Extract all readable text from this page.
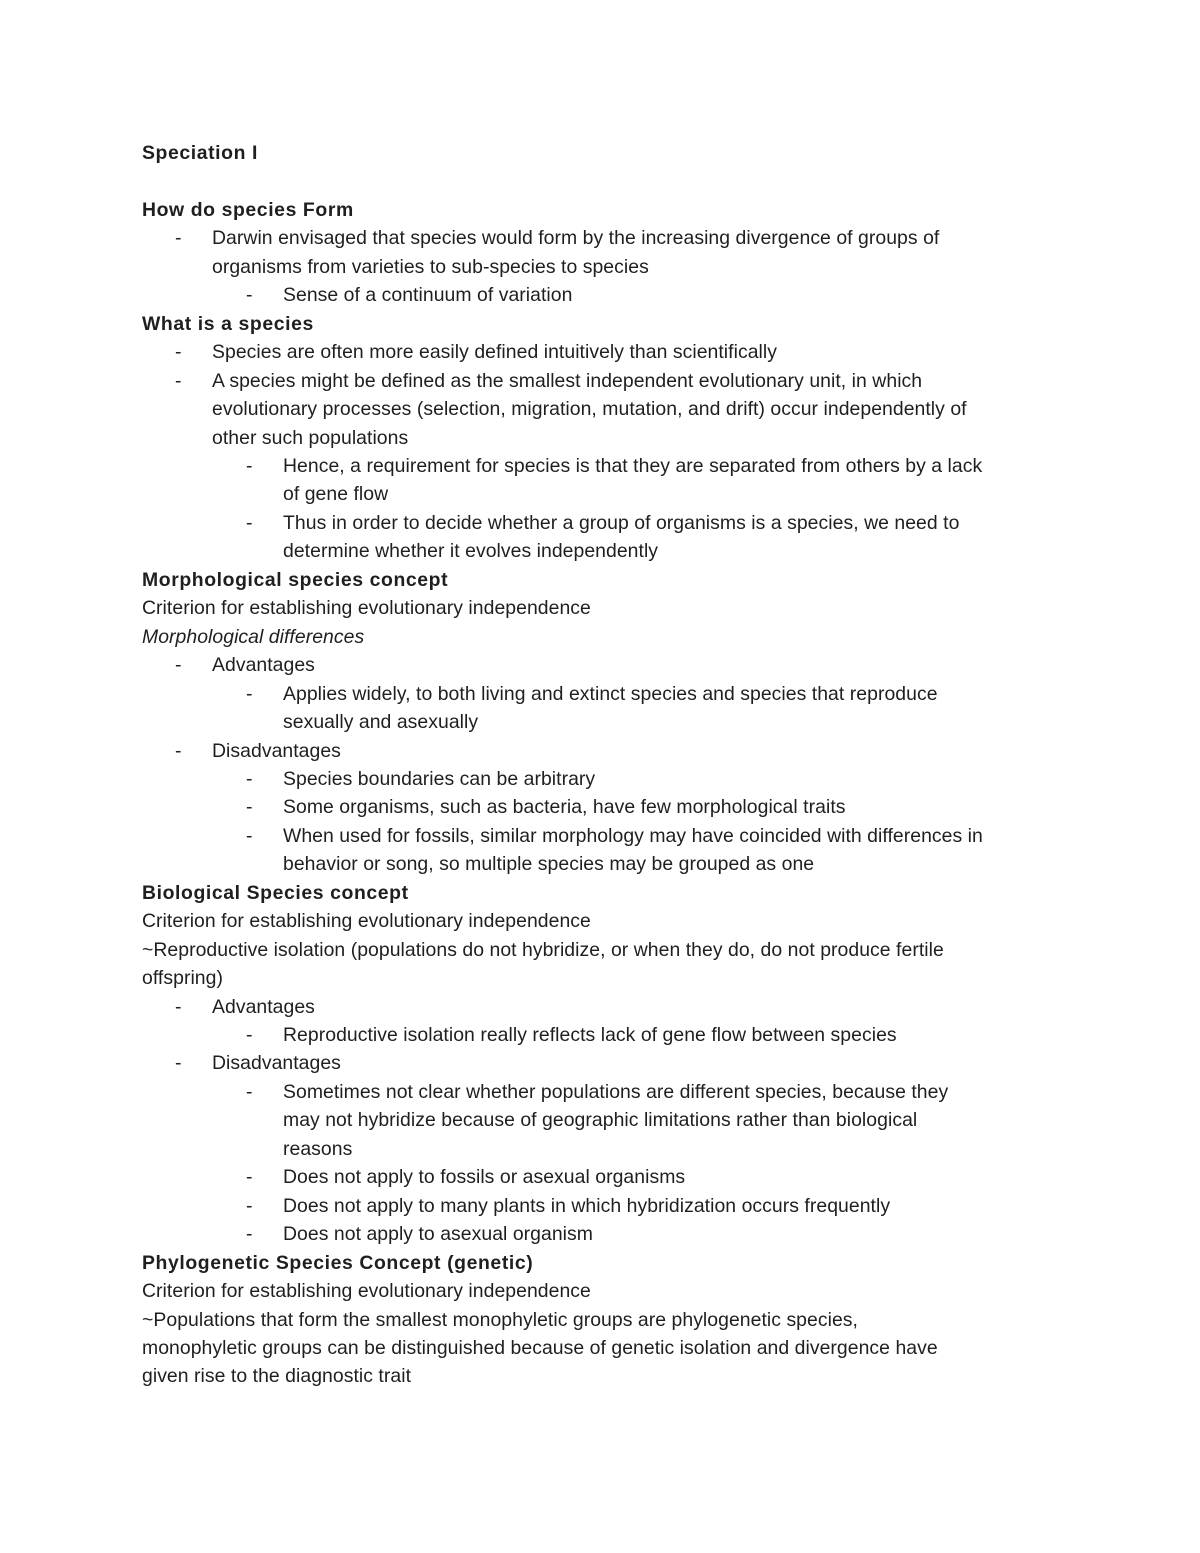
Speciation I
How do species Form
- Darwin envisaged that species would form by the increasing divergence of groups of
organisms from varieties to sub-species to species
- Sense of a continuum of variation
What is a species
- Species are often more easily defined intuitively than scientifically
- A species might be defined as the smallest independent evolutionary unit, in which
evolutionary processes (selection, migration, mutation, and drift) occur independently of
other such populations
- Hence, a requirement for species is that they are separated from others by a lack
of gene flow
- Thus in order to decide whether a group of organisms is a species, we need to
determine whether it evolves independently
Morphological species concept
Criterion for establishing evolutionary independence
Morphological differences
- Advantages
- Applies widely, to both living and extinct species and species that reproduce
sexually and asexually
- Disadvantages
- Species boundaries can be arbitrary
- Some organisms, such as bacteria, have few morphological traits
- When used for fossils, similar morphology may have coincided with differences in
behavior or song, so multiple species may be grouped as one
Biological Species concept
Criterion for establishing evolutionary independence
~Reproductive isolation (populations do not hybridize, or when they do, do not produce fertile
offspring)
- Advantages
- Reproductive isolation really reflects lack of gene flow between species
- Disadvantages
- Sometimes not clear whether populations are different species, because they
may not hybridize because of geographic limitations rather than biological
reasons
- Does not apply to fossils or asexual organisms
- Does not apply to many plants in which hybridization occurs frequently
- Does not apply to asexual organism
Phylogenetic Species Concept (genetic)
Criterion for establishing evolutionary independence
~Populations that form the smallest monophyletic groups are phylogenetic species,
monophyletic groups can be distinguished because of genetic isolation and divergence have
given rise to the diagnostic trait
